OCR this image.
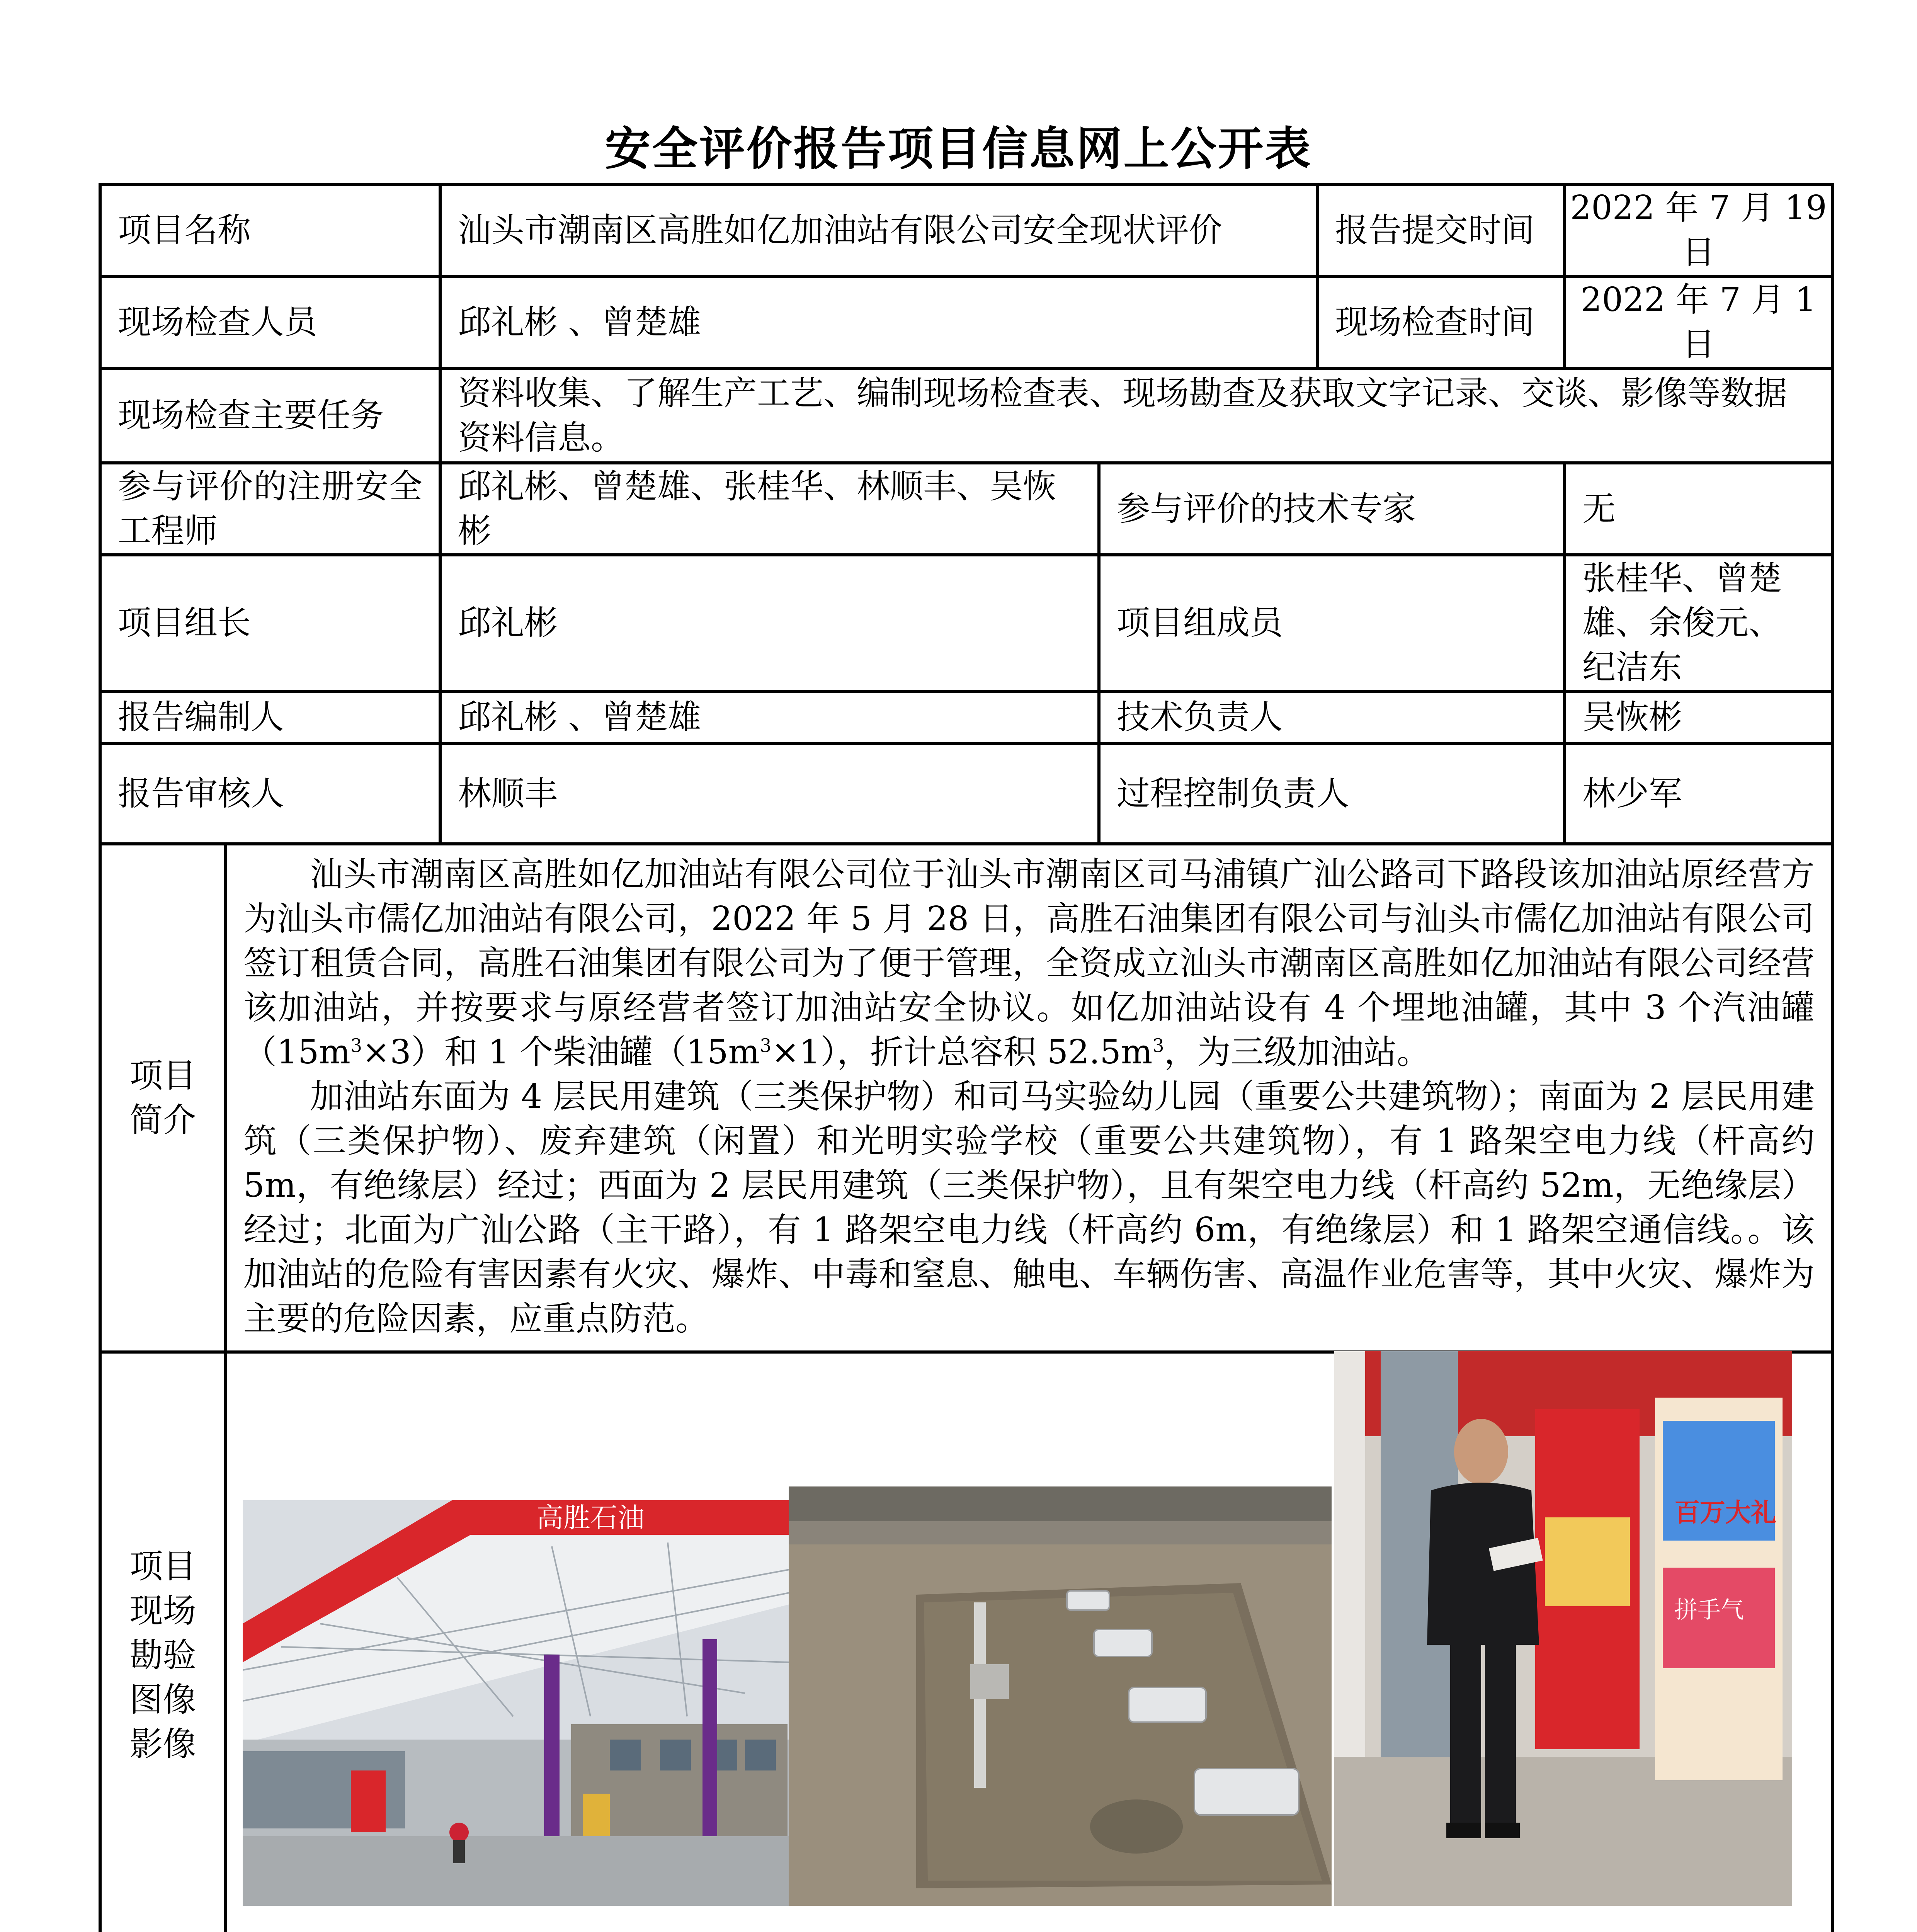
安全评价报告项目信息网上公开表
项目名称	汕头市潮南区高胜如亿加油站有限公司安全现状评价	报告提交时间	2022 年 7 月 19 日
现场检查人员	邱礼彬 、曾楚雄	现场检查时间	2022 年 7 月 1 日
现场检查主要任务	资料收集、了解生产工艺、编制现场检查表、现场勘查及获取文字记录、交谈、影像等数据资料信息。
参与评价的注册安全工程师	邱礼彬、曾楚雄、张桂华、林顺丰、吴恢彬	参与评价的技术专家	无
项目组长	邱礼彬	项目组成员	张桂华、曾楚雄、余俊元、纪洁东
报告编制人	邱礼彬 、曾楚雄	技术负责人	吴恢彬
报告审核人	林顺丰	过程控制负责人	林少军

项目
简介

汕头市潮南区高胜如亿加油站有限公司位于汕头市潮南区司马浦镇广汕公路司下路段该加油站原经营方为汕头市儒亿加油站有限公司，2022 年 5 月 28 日，高胜石油集团有限公司与汕头市儒亿加油站有限公司签订租赁合同，高胜石油集团有限公司为了便于管理，全资成立汕头市潮南区高胜如亿加油站有限公司经营该加油站，并按要求与原经营者签订加油站安全协议。如亿加油站设有 4 个埋地油罐，其中 3 个汽油罐$(15m^3\times 3)$和 1 个柴油罐$(15m^3\times 1)$，折计总容积 $52.5m^3$，为三级加油站。

加油站东面为 4 层民用建筑（三类保护物）和司马实验幼儿园（重要公共建筑物）；南面为 2 层民用建筑（三类保护物）、废弃建筑（闲置）和光明实验学校（重要公共建筑物），有 1 路架空电力线（杆高约 5m，有绝缘层）经过；西面为 2 层民用建筑（三类保护物），且有架空电力线（杆高约 52m，无绝缘层）经过；北面为广汕公路（主干路），有 1 路架空电力线（杆高约 6m，有绝缘层）和 1 路架空通信线。。该加油站的危险有害因素有火灾、爆炸、中毒和窒息、触电、车辆伤害、高温作业危害等，其中火灾、爆炸为主要的危险因素，应重点防范。

项目
现场
勘验
图像
影像

高胜石油	百万大礼
拼手气
